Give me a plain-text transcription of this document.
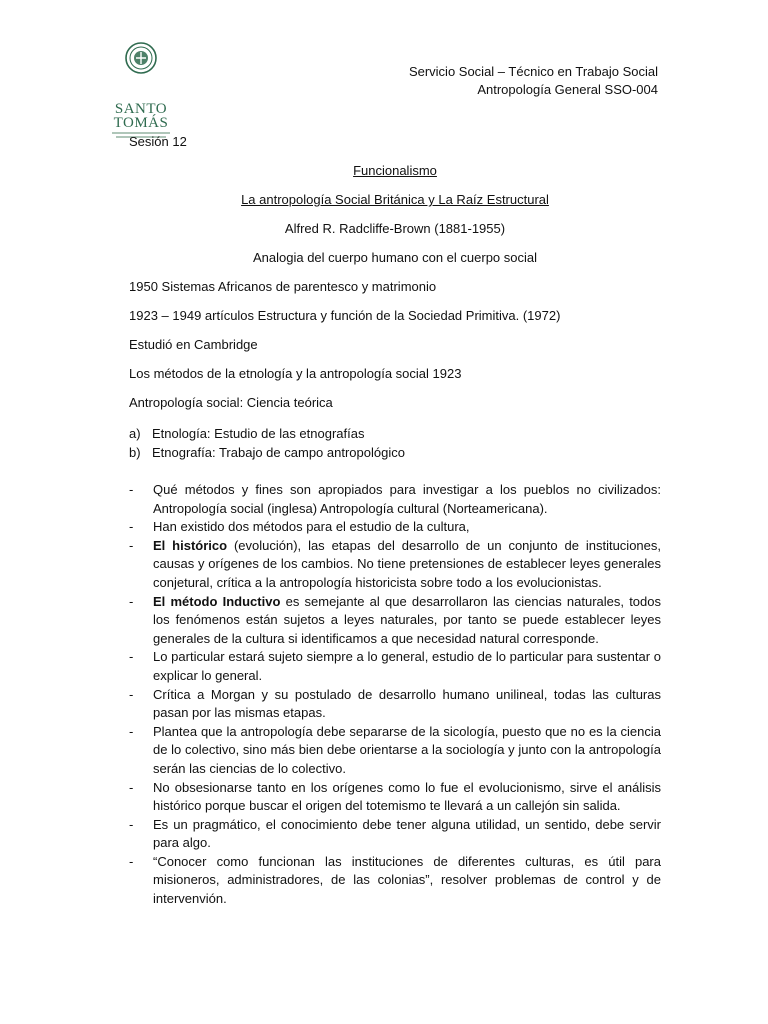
SANTO
TOMÁS
Servicio Social – Técnico en Trabajo Social
Antropología General SSO-004
Sesión 12
Funcionalismo
La antropología Social Británica y La Raíz Estructural
Alfred R. Radcliffe-Brown (1881-1955)
Analogia del cuerpo humano con el cuerpo social
1950 Sistemas Africanos de parentesco y matrimonio
1923 – 1949 artículos Estructura y función de la Sociedad Primitiva. (1972)
Estudió en Cambridge
Los métodos de la etnología y la antropología social 1923
Antropología social: Ciencia teórica
a) Etnología: Estudio de las etnografías
b) Etnografía: Trabajo de campo antropológico
- Qué métodos y fines son apropiados para investigar a los pueblos no civilizados: Antropología social (inglesa) Antropología cultural (Norteamericana).
- Han existido dos métodos para el estudio de la cultura,
- El histórico (evolución), las etapas del desarrollo de un conjunto de instituciones, causas y orígenes de los cambios. No tiene pretensiones de establecer leyes generales conjetural, crítica a la antropología historicista sobre todo a los evolucionistas.
- El método Inductivo es semejante al que desarrollaron las ciencias naturales, todos los fenómenos están sujetos a leyes naturales, por tanto se puede establecer leyes generales de la cultura si identificamos a que necesidad natural corresponde.
- Lo particular estará sujeto siempre a lo general, estudio de lo particular para sustentar o explicar lo general.
- Crítica a Morgan y su postulado de desarrollo humano unilineal, todas las culturas pasan por las mismas etapas.
- Plantea que la antropología debe separarse de la sicología, puesto que no es la ciencia de lo colectivo, sino más bien debe orientarse a la sociología y junto con la antropología serán las ciencias de lo colectivo.
- No obsesionarse tanto en los orígenes como lo fue el evolucionismo, sirve el análisis histórico porque buscar el origen del totemismo te llevará a un callejón sin salida.
- Es un pragmático, el conocimiento debe tener alguna utilidad, un sentido, debe servir para algo.
- “Conocer como funcionan las instituciones de diferentes culturas, es útil para misioneros, administradores, de las colonias”, resolver problemas de control y de intervenvión.
